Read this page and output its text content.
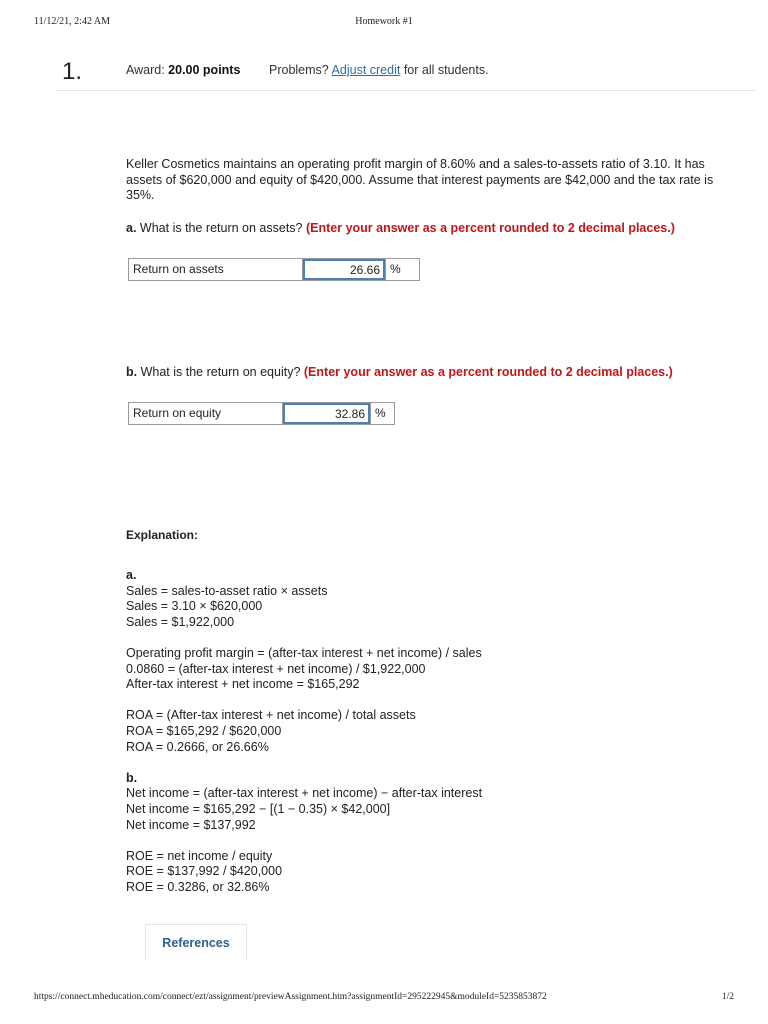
11/12/21, 2:42 AM	Homework #1
1.	Award: 20.00 points Problems? Adjust credit for all students.

Keller Cosmetics maintains an operating profit margin of 8.60% and a sales-to-assets ratio of 3.10. It has assets of $620,000 and equity of $420,000. Assume that interest payments are $42,000 and the tax rate is 35%.

a. What is the return on assets? (Enter your answer as a percent rounded to 2 decimal places.)
Return on assets	26.66 %
b. What is the return on equity? (Enter your answer as a percent rounded to 2 decimal places.)
Return on equity	32.86 %
Explanation:
a.
Sales = sales-to-asset ratio × assets
Sales = 3.10 × $620,000
Sales = $1,922,000
Operating profit margin = (after-tax interest + net income) / sales
0.0860 = (after-tax interest + net income) / $1,922,000
After-tax interest + net income = $165,292
ROA = (After-tax interest + net income) / total assets
ROA = $165,292 / $620,000
ROA = 0.2666, or 26.66%
b.
Net income = (after-tax interest + net income) − after-tax interest
Net income = $165,292 − [(1 − 0.35) × $42,000]
Net income = $137,992
ROE = net income / equity
ROE = $137,992 / $420,000
ROE = 0.3286, or 32.86%
References
https://connect.mheducation.com/connect/ezt/assignment/previewAssignment.htm?assignmentId=295222945&moduleId=5235853872	1/2
